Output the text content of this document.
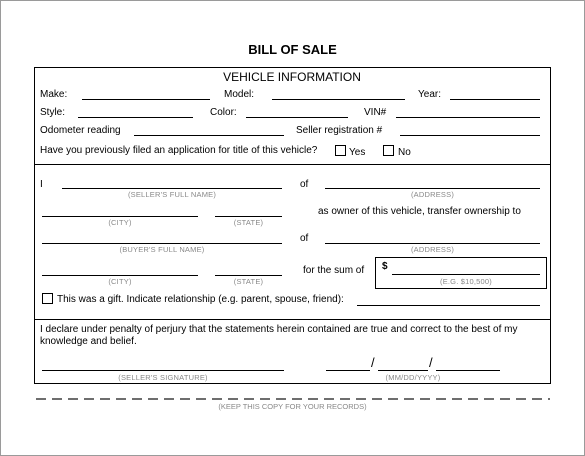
BILL OF SALE
VEHICLE INFORMATION
Make:	Model:	Year:
Style:	Color:	VIN#
Odometer reading	Seller registration #
Have you previously filed an application for title of this vehicle?	Yes	No
I
(SELLER'S FULL NAME)
of
(ADDRESS)
(CITY)	(STATE)
as owner of this vehicle, transfer ownership to
(BUYER'S FULL NAME)
of
(ADDRESS)
(CITY)	(STATE)
for the sum of $
(E.G. $10,500)
This was a gift. Indicate relationship (e.g. parent, spouse, friend):
I declare under penalty of perjury that the statements herein contained are true and correct to the best of my
knowledge and belief.
(SELLER'S SIGNATURE)
/	/
(MM/DD/YYYY)
(KEEP THIS COPY FOR YOUR RECORDS)
